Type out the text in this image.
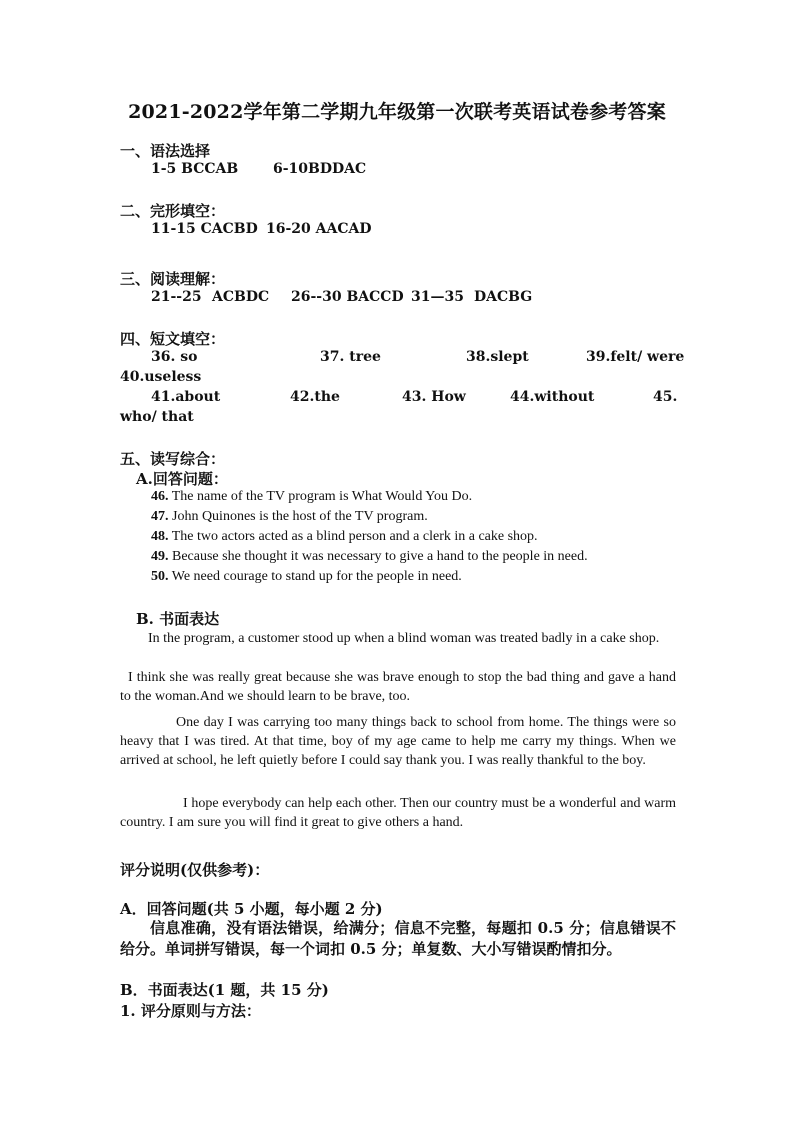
2021-2022学年第二学期九年级第一次联考英语试卷参考答案
一、语法选择
1-5 BCCAB 6-10BDDAC
二、完形填空：
11-15 CACBD 16-20 AACAD
三、阅读理解：
21--25 ACBDC 26--30 BACCD 31—35 DACBG
四、短文填空：
36. so	37. tree	38.slept	39.felt/ were
40.useless
41.about	42.the	43. How	44.without	45.
who/ that
五、读写综合：
A.回答问题：
46. The name of the TV program is What Would You Do.
47. John Quinones is the host of the TV program.
48. The two actors acted as a blind person and a clerk in a cake shop.
49. Because she thought it was necessary to give a hand to the people in need.
50. We need courage to stand up for the people in need.
B. 书面表达
In the program, a customer stood up when a blind woman was treated badly in a cake shop.
I think she was really great because she was brave enough to stop the bad thing and gave a hand to the woman.And we should learn to be brave, too.
One day I was carrying too many things back to school from home. The things were so heavy that I was tired. At that time, boy of my age came to help me carry my things. When we arrived at school, he left quietly before I could say thank you. I was really thankful to the boy.
I hope everybody can help each other. Then our country must be a wonderful and warm country. I am sure you will find it great to give others a hand.
评分说明(仅供参考)：
A．回答问题(共 5 小题，每小题 2 分)
信息准确，没有语法错误，给满分；信息不完整，每题扣 0.5 分；信息错误不给分。单词拼写错误，每一个词扣 0.5 分；单复数、大小写错误酌情扣分。
B．书面表达(1 题，共 15 分)
1. 评分原则与方法：
